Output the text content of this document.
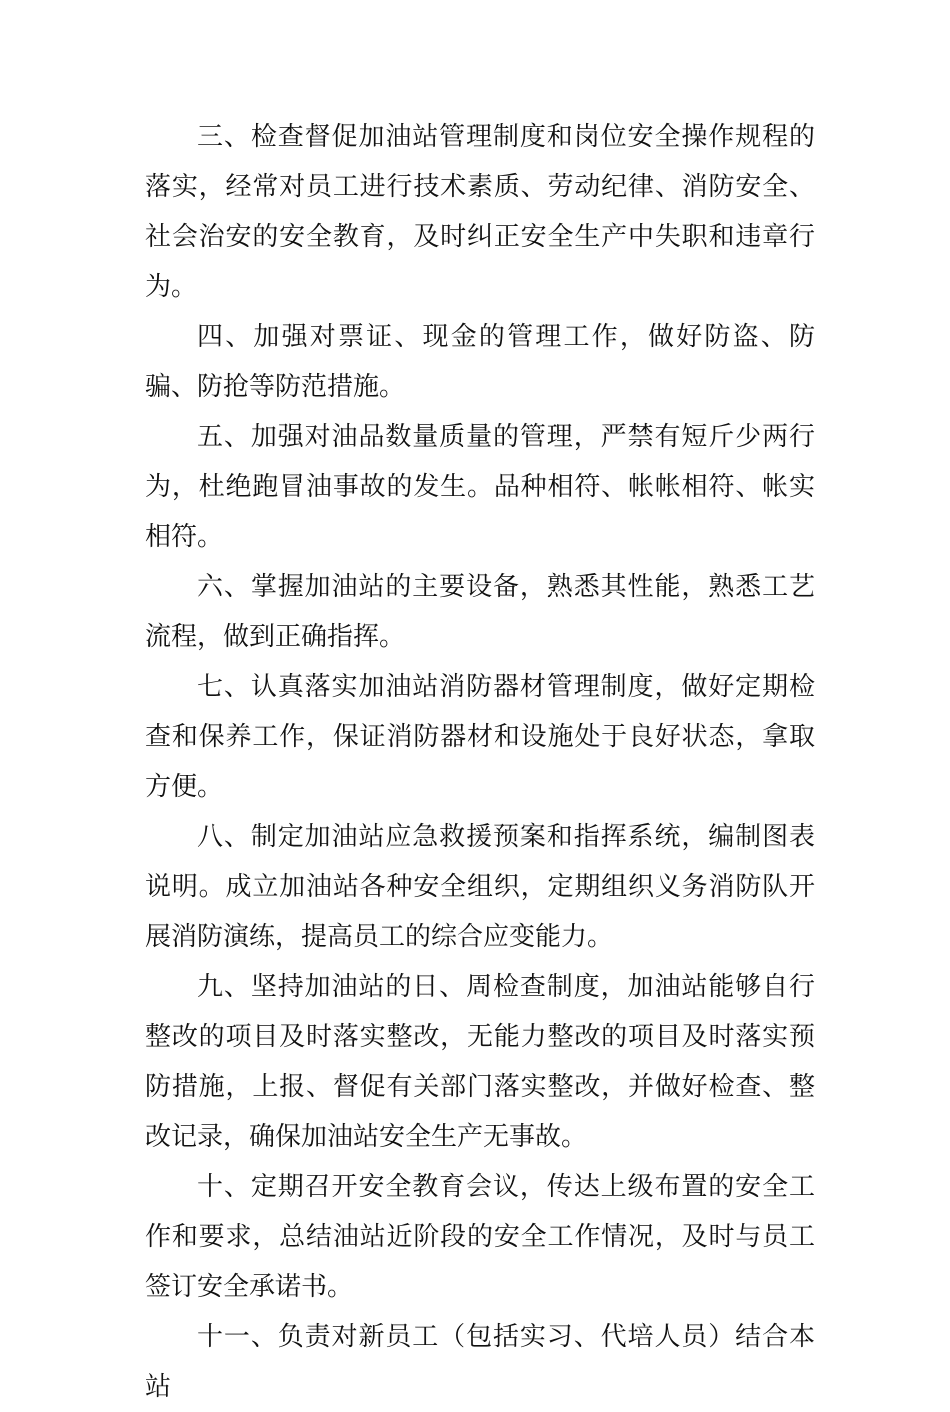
三、检查督促加油站管理制度和岗位安全操作规程的落实，经常对员工进行技术素质、劳动纪律、消防安全、社会治安的安全教育，及时纠正安全生产中失职和违章行为。

四、加强对票证、现金的管理工作，做好防盗、防骗、防抢等防范措施。

五、加强对油品数量质量的管理，严禁有短斤少两行为，杜绝跑冒油事故的发生。品种相符、帐帐相符、帐实相符。

六、掌握加油站的主要设备，熟悉其性能，熟悉工艺流程，做到正确指挥。

七、认真落实加油站消防器材管理制度，做好定期检查和保养工作，保证消防器材和设施处于良好状态，拿取方便。

八、制定加油站应急救援预案和指挥系统，编制图表说明。成立加油站各种安全组织，定期组织义务消防队开展消防演练，提高员工的综合应变能力。

九、坚持加油站的日、周检查制度，加油站能够自行整改的项目及时落实整改，无能力整改的项目及时落实预防措施，上报、督促有关部门落实整改，并做好检查、整改记录，确保加油站安全生产无事故。

十、定期召开安全教育会议，传达上级布置的安全工作和要求，总结油站近阶段的安全工作情况，及时与员工签订安全承诺书。

十一、负责对新员工（包括实习、代培人员）结合本站
